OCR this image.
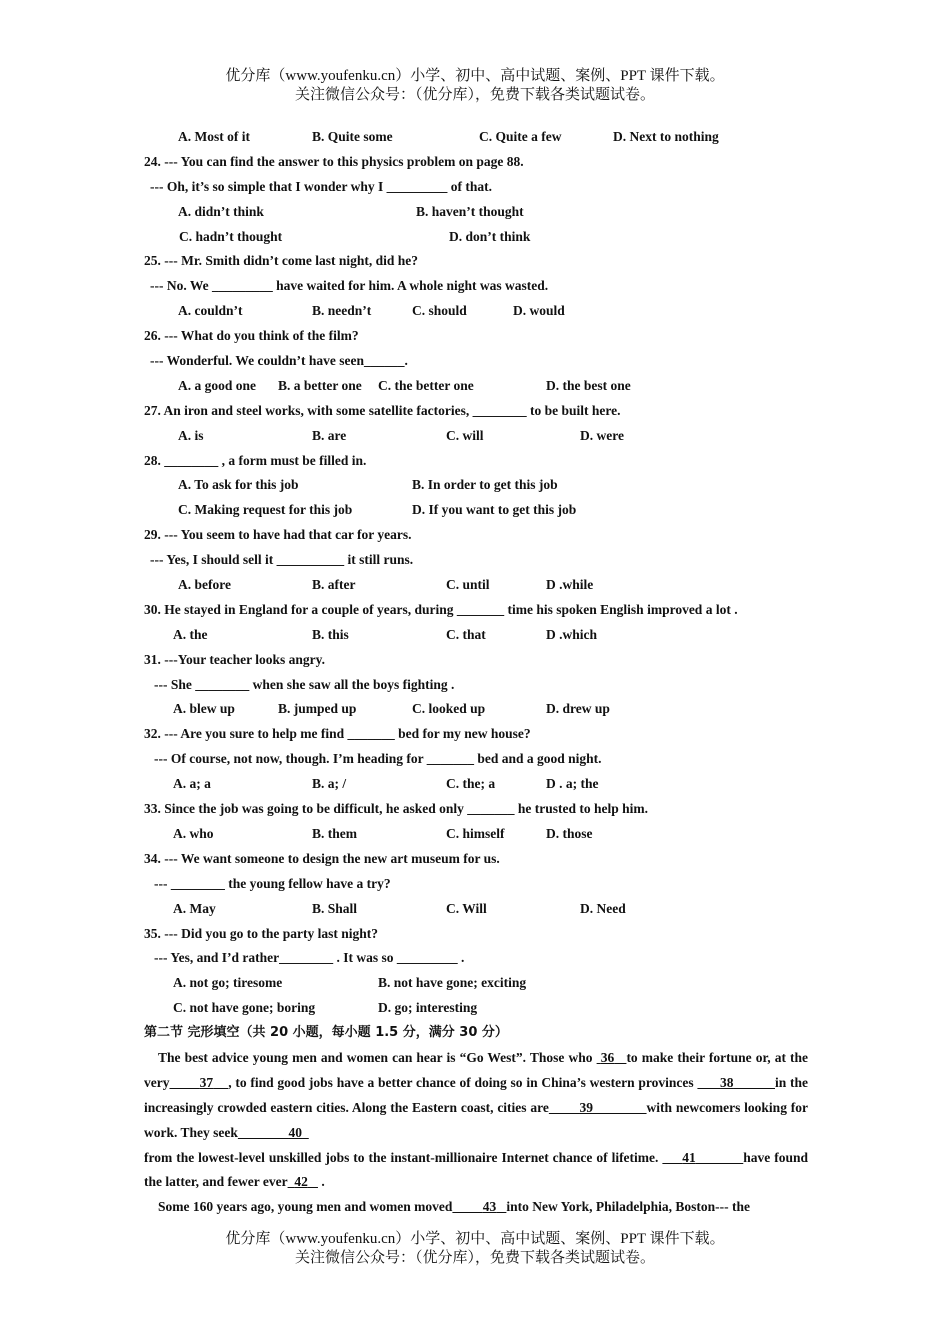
优分库（www.youfenku.cn）小学、初中、高中试题、案例、PPT 课件下载。
关注微信公众号：（优分库），免费下载各类试题试卷。
A. Most of it	B. Quite some	C. Quite a few	D. Next to nothing
24. --- You can find the answer to this physics problem on page 88.
--- Oh, it’s so simple that I wonder why I _________ of that.
A. didn’t think	B. haven’t thought
C. hadn’t thought	D. don’t think
25. --- Mr. Smith didn’t come last night, did he?
--- No. We _________ have waited for him. A whole night was wasted.
A. couldn’t	B. needn’t	C. should	D. would
26. --- What do you think of the film?
--- Wonderful. We couldn’t have seen______.
A. a good one B. a better one C. the better one	D. the best one
27. An iron and steel works, with some satellite factories, ________ to be built here.
A. is	B. are	C. will	D. were
28. ________ , a form must be filled in.
A. To ask for this job	B. In order to get this job
C. Making request for this job	D. If you want to get this job
29. --- You seem to have had that car for years.
--- Yes, I should sell it __________ it still runs.
A. before	B. after	C. until	D .while
30. He stayed in England for a couple of years, during _______ time his spoken English improved a lot .
A. the	B. this	C. that	D .which
31. ---Your teacher looks angry.
--- She ________ when she saw all the boys fighting .
A. blew up	B. jumped up	C. looked up	D. drew up
32. --- Are you sure to help me find _______ bed for my new house?
--- Of course, not now, though. I’m heading for _______ bed and a good night.
A. a; a	B. a; /	C. the; a	D . a; the
33. Since the job was going to be difficult, he asked only _______ he trusted to help him.
A. who	B. them	C. himself	D. those
34. --- We want someone to design the new art museum for us.
--- ________ the young fellow have a try?
A. May	B. Shall	C. Will	D. Need
35. --- Did you go to the party last night?
--- Yes, and I’d rather________ . It was so _________ .
A. not go; tiresome	B. not have gone; exciting
C. not have gone; boring	D. go; interesting
第二节 完形填空（共 20 小题，每小题 1.5 分，满分 30 分）
The best advice young men and women can hear is “Go West”. Those who 36 to make their fortune or, at the very 37 , to find good jobs have a better chance of doing so in China’s western provinces 38	in the increasingly crowded eastern cities. Along the Eastern coast, cities are 39	with newcomers looking for work. They seek	40
from the lowest-level unskilled jobs to the instant-millionaire Internet chance of lifetime. 41	have found the latter, and fewer ever 42    .
Some 160 years ago, young men and women moved 43 into New York, Philadelphia, Boston--- the
优分库（www.youfenku.cn）小学、初中、高中试题、案例、PPT 课件下载。
关注微信公众号：（优分库），免费下载各类试题试卷。
